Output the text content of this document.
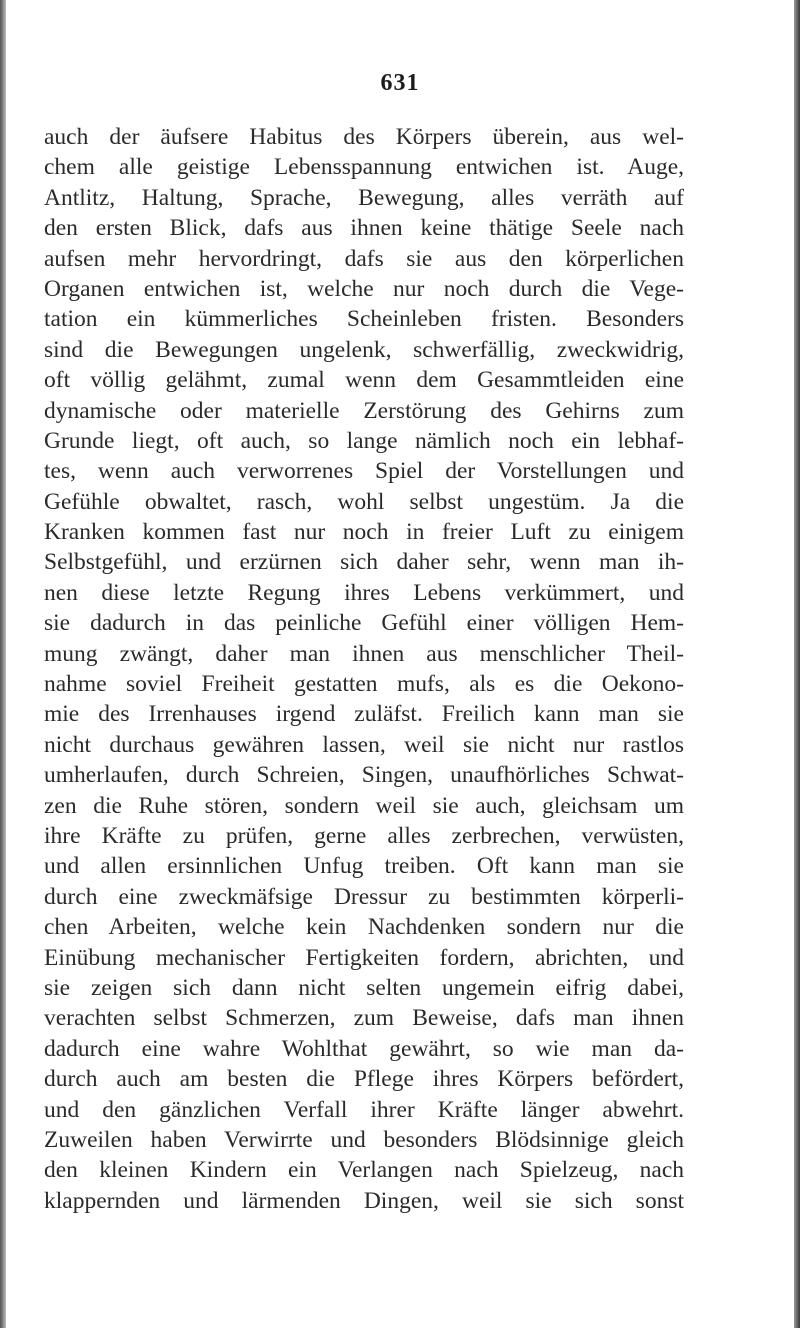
631
auch der äufsere Habitus des Körpers überein, aus wel-
chem alle geistige Lebensspannung entwichen ist. Auge,
Antlitz, Haltung, Sprache, Bewegung, alles verräth auf
den ersten Blick, dafs aus ihnen keine thätige Seele nach
aufsen mehr hervordringt, dafs sie aus den körperlichen
Organen entwichen ist, welche nur noch durch die Vege-
tation ein kümmerliches Scheinleben fristen. Besonders
sind die Bewegungen ungelenk, schwerfällig, zweckwidrig,
oft völlig gelähmt, zumal wenn dem Gesammtleiden eine
dynamische oder materielle Zerstörung des Gehirns zum
Grunde liegt, oft auch, so lange nämlich noch ein lebhaf-
tes, wenn auch verworrenes Spiel der Vorstellungen und
Gefühle obwaltet, rasch, wohl selbst ungestüm. Ja die
Kranken kommen fast nur noch in freier Luft zu einigem
Selbstgefühl, und erzürnen sich daher sehr, wenn man ih-
nen diese letzte Regung ihres Lebens verkümmert, und
sie dadurch in das peinliche Gefühl einer völligen Hem-
mung zwängt, daher man ihnen aus menschlicher Theil-
nahme soviel Freiheit gestatten mufs, als es die Oekono-
mie des Irrenhauses irgend zuläfst. Freilich kann man sie
nicht durchaus gewähren lassen, weil sie nicht nur rastlos
umherlaufen, durch Schreien, Singen, unaufhörliches Schwat-
zen die Ruhe stören, sondern weil sie auch, gleichsam um
ihre Kräfte zu prüfen, gerne alles zerbrechen, verwüsten,
und allen ersinnlichen Unfug treiben. Oft kann man sie
durch eine zweckmäfsige Dressur zu bestimmten körperli-
chen Arbeiten, welche kein Nachdenken sondern nur die
Einübung mechanischer Fertigkeiten fordern, abrichten, und
sie zeigen sich dann nicht selten ungemein eifrig dabei,
verachten selbst Schmerzen, zum Beweise, dafs man ihnen
dadurch eine wahre Wohlthat gewährt, so wie man da-
durch auch am besten die Pflege ihres Körpers befördert,
und den gänzlichen Verfall ihrer Kräfte länger abwehrt.
Zuweilen haben Verwirrte und besonders Blödsinnige gleich
den kleinen Kindern ein Verlangen nach Spielzeug, nach
klappernden und lärmenden Dingen, weil sie sich sonst
